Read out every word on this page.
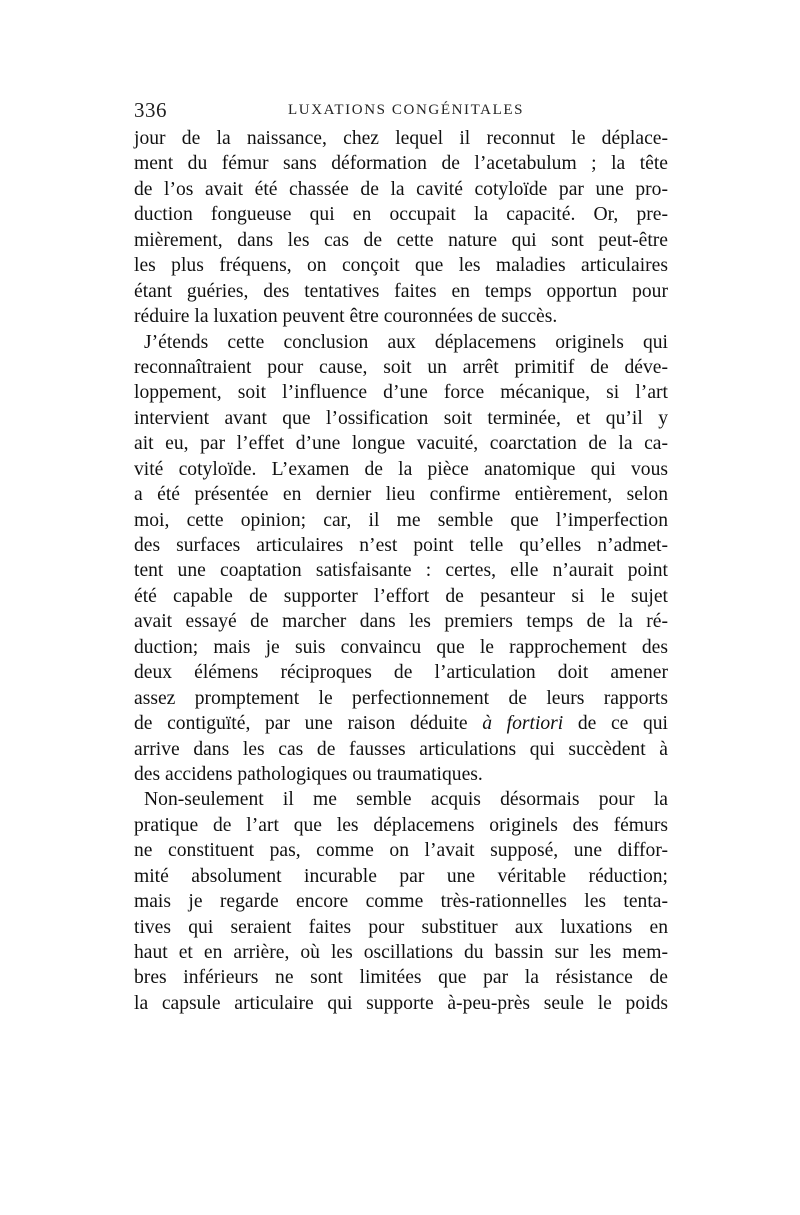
336	LUXATIONS CONGÉNITALES
jour de la naissance, chez lequel il reconnut le déplace-
ment du fémur sans déformation de l’acetabulum ; la tête
de l’os avait été chassée de la cavité cotyloïde par une pro-
duction fongueuse qui en occupait la capacité. Or, pre-
mièrement, dans les cas de cette nature qui sont peut-être
les plus fréquens, on conçoit que les maladies articulaires
étant guéries, des tentatives faites en temps opportun pour
réduire la luxation peuvent être couronnées de succès.
J’étends cette conclusion aux déplacemens originels qui
reconnaîtraient pour cause, soit un arrêt primitif de déve-
loppement, soit l’influence d’une force mécanique, si l’art
intervient avant que l’ossification soit terminée, et qu’il y
ait eu, par l’effet d’une longue vacuité, coarctation de la ca-
vité cotyloïde. L’examen de la pièce anatomique qui vous
a été présentée en dernier lieu confirme entièrement, selon
moi, cette opinion; car, il me semble que l’imperfection
des surfaces articulaires n’est point telle qu’elles n’admet-
tent une coaptation satisfaisante : certes, elle n’aurait point
été capable de supporter l’effort de pesanteur si le sujet
avait essayé de marcher dans les premiers temps de la ré-
duction; mais je suis convaincu que le rapprochement des
deux élémens réciproques de l’articulation doit amener
assez promptement le perfectionnement de leurs rapports
de contiguïté, par une raison déduite à fortiori de ce qui
arrive dans les cas de fausses articulations qui succèdent à
des accidens pathologiques ou traumatiques.
Non-seulement il me semble acquis désormais pour la
pratique de l’art que les déplacemens originels des fémurs
ne constituent pas, comme on l’avait supposé, une diffor-
mité absolument incurable par une véritable réduction;
mais je regarde encore comme très-rationnelles les tenta-
tives qui seraient faites pour substituer aux luxations en
haut et en arrière, où les oscillations du bassin sur les mem-
bres inférieurs ne sont limitées que par la résistance de
la capsule articulaire qui supporte à-peu-près seule le poids
